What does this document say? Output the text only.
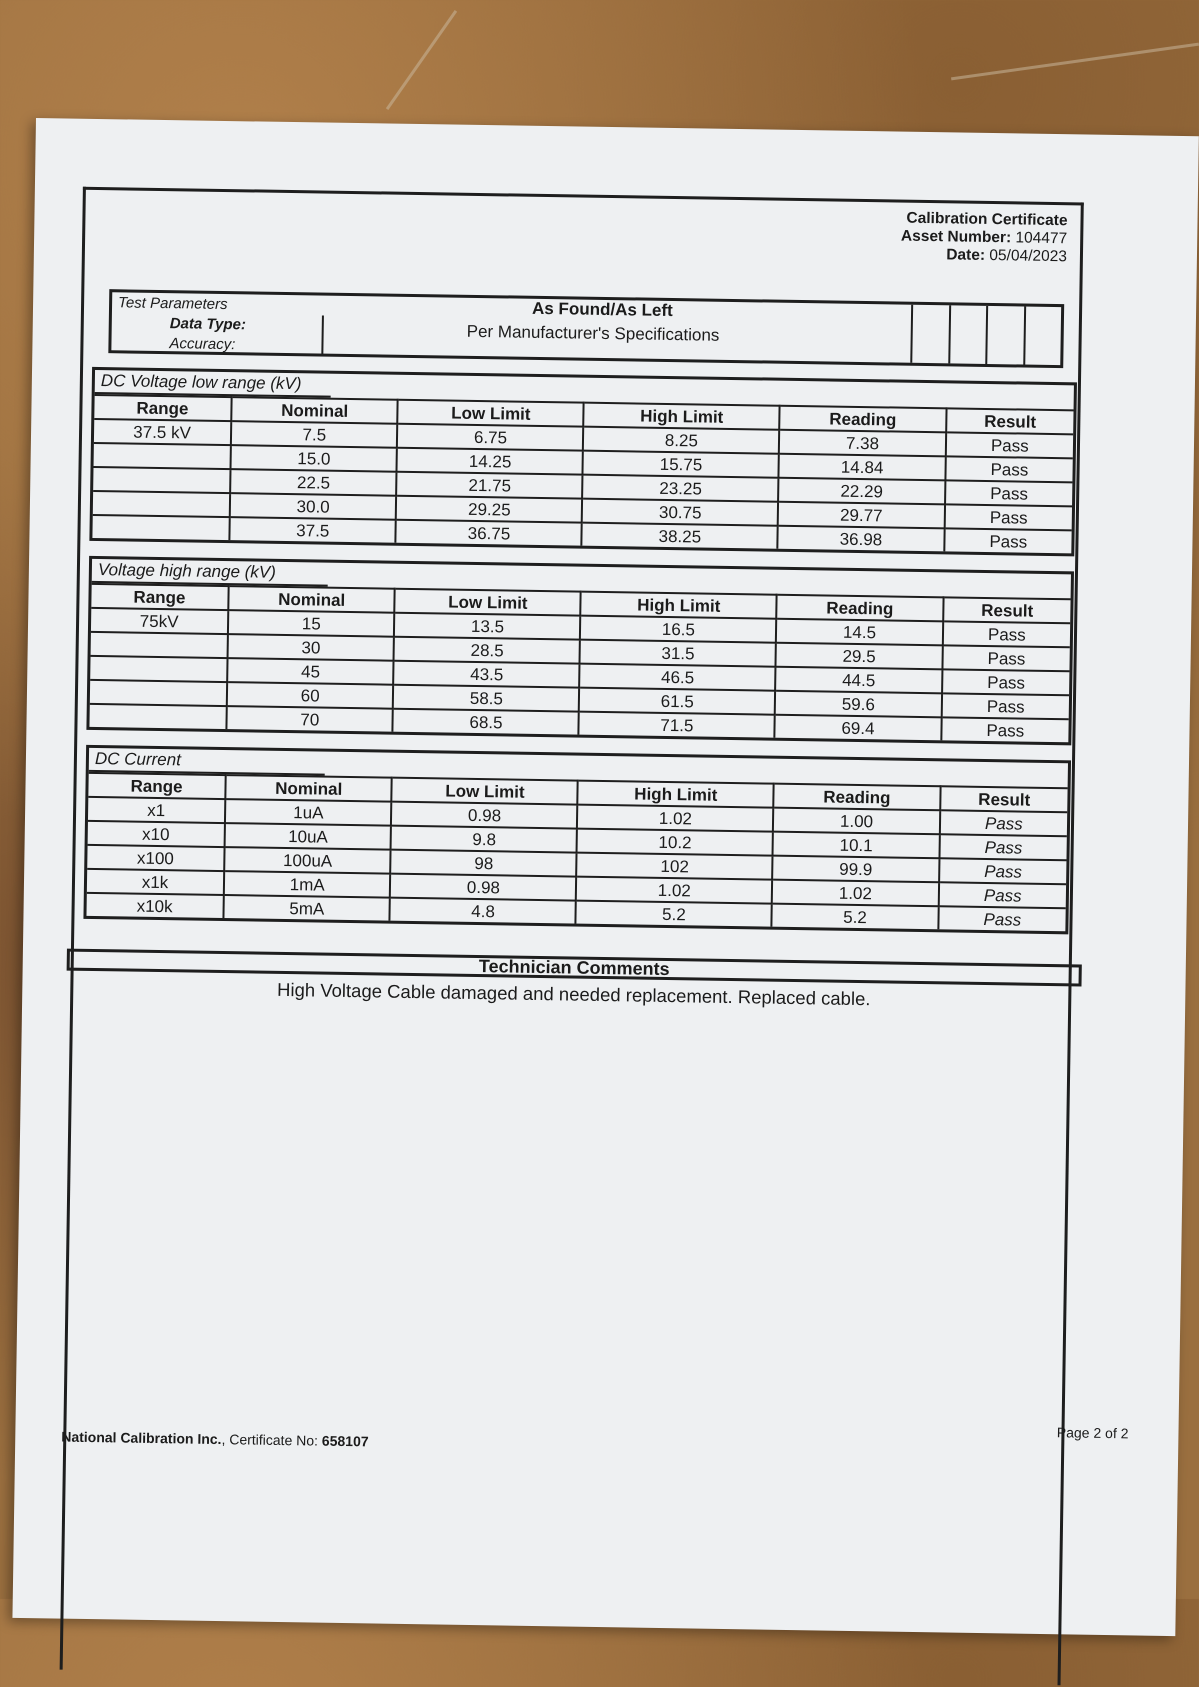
Calibration Certificate
Asset Number: 104477
Date: 05/04/2023
Test Parameters
Data Type:
Accuracy:
As Found/As Left
Per Manufacturer's Specifications
DC Voltage low range (kV)
Range	Nominal	Low Limit	High Limit	Reading	Result
37.5 kV	7.5	6.75	8.25	7.38	Pass
	15.0	14.25	15.75	14.84	Pass
	22.5	21.75	23.25	22.29	Pass
	30.0	29.25	30.75	29.77	Pass
	37.5	36.75	38.25	36.98	Pass
Voltage high range (kV)
Range	Nominal	Low Limit	High Limit	Reading	Result
75kV	15	13.5	16.5	14.5	Pass
	30	28.5	31.5	29.5	Pass
	45	43.5	46.5	44.5	Pass
	60	58.5	61.5	59.6	Pass
	70	68.5	71.5	69.4	Pass
DC Current
Range	Nominal	Low Limit	High Limit	Reading	Result
x1	1uA	0.98	1.02	1.00	Pass
x10	10uA	9.8	10.2	10.1	Pass
x100	100uA	98	102	99.9	Pass
x1k	1mA	0.98	1.02	1.02	Pass
x10k	5mA	4.8	5.2	5.2	Pass
Technician Comments
High Voltage Cable damaged and needed replacement. Replaced cable.
National Calibration Inc., Certificate No: 658107	Page 2 of 2
